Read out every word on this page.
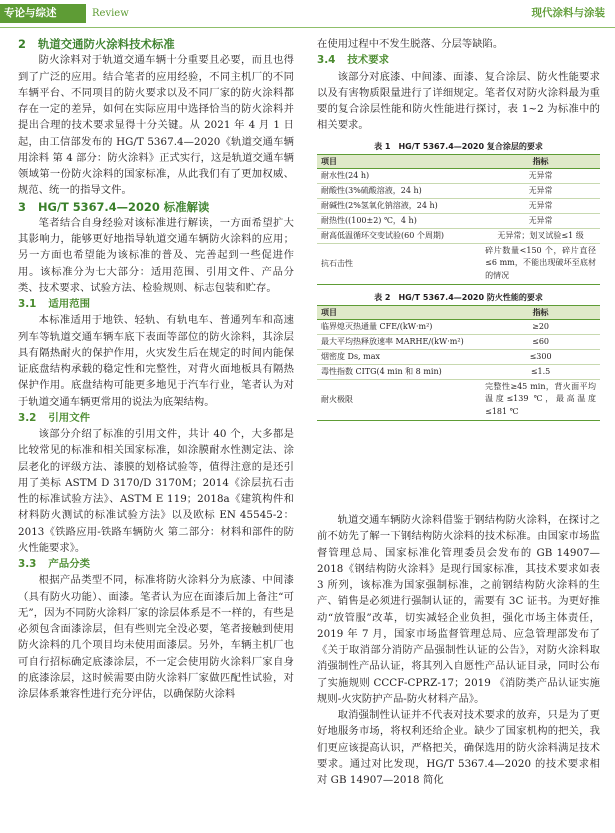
专论与综述	Review	现代涂料与涂装
2 轨道交通防火涂料技术标准

防火涂料对于轨道交通车辆十分重要且必要，而且也得到了广泛的应用。结合笔者的应用经验，不同主机厂的不同车辆平台、不同项目的防火要求以及不同厂家的防火涂料都存在一定的差异，如何在实际应用中选择恰当的防火涂料并提出合理的技术要求显得十分关键。从 2021 年 4 月 1 日起，由工信部发布的 HG/T 5367.4—2020《轨道交通车辆用涂料 第 4 部分：防火涂料》正式实行，这是轨道交通车辆领域第一份防火涂料的国家标准，从此我们有了更加权威、规范、统一的指导文件。

3 HG/T 5367.4—2020 标准解读

笔者结合自身经验对该标准进行解读，一方面希望扩大其影响力，能够更好地指导轨道交通车辆防火涂料的应用；另一方面也希望能为该标准的普及、完善起到一些促进作用。该标准分为七大部分：适用范围、引用文件、产品分类、技术要求、试验方法、检验规则、标志包装和贮存。

3.1 适用范围

本标准适用于地铁、轻轨、有轨电车、普通列车和高速列车等轨道交通车辆车底下表面等部位的防火涂料，其涂层具有隔热耐火的保护作用，火灾发生后在规定的时间内能保证底盘结构承载的稳定性和完整性，对背火面地板具有隔热保护作用。底盘结构可能更多地见于汽车行业，笔者认为对于轨道交通车辆更常用的说法为底架结构。

3.2 引用文件

该部分介绍了标准的引用文件，共计 40 个，大多都是比较常见的标准和相关国家标准，如涂膜耐水性测定法、涂层老化的评级方法、漆膜的划格试验等，值得注意的是还引用了美标 ASTM D 3170/D 3170M；2014《涂层抗石击性的标准试验方法》、ASTM E 119；2018a《建筑构件和材料防火测试的标准试验方法》以及欧标 EN 45545-2：2013《铁路应用-铁路车辆防火 第二部分：材料和部件的防火性能要求》。

3.3 产品分类

根据产品类型不同，标准将防火涂料分为底漆、中间漆（具有防火功能）、面漆。笔者认为应在面漆后加上备注“可无”，因为不同防火涂料厂家的涂层体系是不一样的，有些是必须包含面漆涂层，但有些则完全没必要，笔者接触到使用防火涂料的几个项目均未使用面漆层。另外，车辆主机厂也可自行招标确定底漆涂层，不一定会使用防火涂料厂家自身的底漆涂层，这时候需要由防火涂料厂家做匹配性试验，对涂层体系兼容性进行充分评估，以确保防火涂料

在使用过程中不发生脱落、分层等缺陷。

3.4 技术要求

该部分对底漆、中间漆、面漆、复合涂层、防火性能要求以及有害物质限量进行了详细规定。笔者仅对防火涂料最为重要的复合涂层性能和防火性能进行探讨，表 1~2 为标准中的相关要求。

表 1　HG/T 5367.4—2020 复合涂层的要求
项目	指标
耐水性(24 h)	无异常
耐酸性(3%硫酸溶液，24 h)	无异常
耐碱性(2%氢氧化钠溶液，24 h)	无异常
耐热性((100±2) ℃，4 h)	无异常
耐高低温循环交变试验(60 个周期)	无异常；划叉试验≤1 级
抗石击性	碎片数量<150 个，碎片直径≤6 mm，不能出现破坏至底材的情况
表 2　HG/T 5367.4—2020 防火性能的要求
项目	指标
临界熄灭热通量 CFE/(kW·m²)	≥20
最大平均热释放速率 MARHE/(kW·m²)	≤60
烟密度 Ds, max	≤300
毒性指数 CITG(4 min 和 8 min)	≤1.5
耐火极限	完整性≥45 min，背火面平均温度≤139 ℃，最高温度≤181 ℃

轨道交通车辆防火涂料借鉴于钢结构防火涂料，在探讨之前不妨先了解一下钢结构防火涂料的技术标准。由国家市场监督管理总局、国家标准化管理委员会发布的 GB 14907—2018《钢结构防火涂料》是现行国家标准，其技术要求如表 3 所列，该标准为国家强制标准，之前钢结构防火涂料的生产、销售是必须进行强制认证的，需要有 3C 证书。为更好推动“放管服”改革，切实减轻企业负担，强化市场主体责任，2019 年 7 月，国家市场监督管理总局、应急管理部发布了《关于取消部分消防产品强制性认证的公告》，对防火涂料取消强制性产品认证，将其列入自愿性产品认证目录，同时公布了实施规则 CCCF-CPRZ-17；2019 《消防类产品认证实施规则-火灾防护产品-防火材料产品》。

取消强制性认证并不代表对技术要求的放弃，只是为了更好地服务市场，将权利还给企业。缺少了国家机构的把关，我们更应该提高认识，严格把关，确保选用的防火涂料满足技术要求。通过对比发现，HG/T 5367.4—2020 的技术要求相对 GB 14907—2018 简化
